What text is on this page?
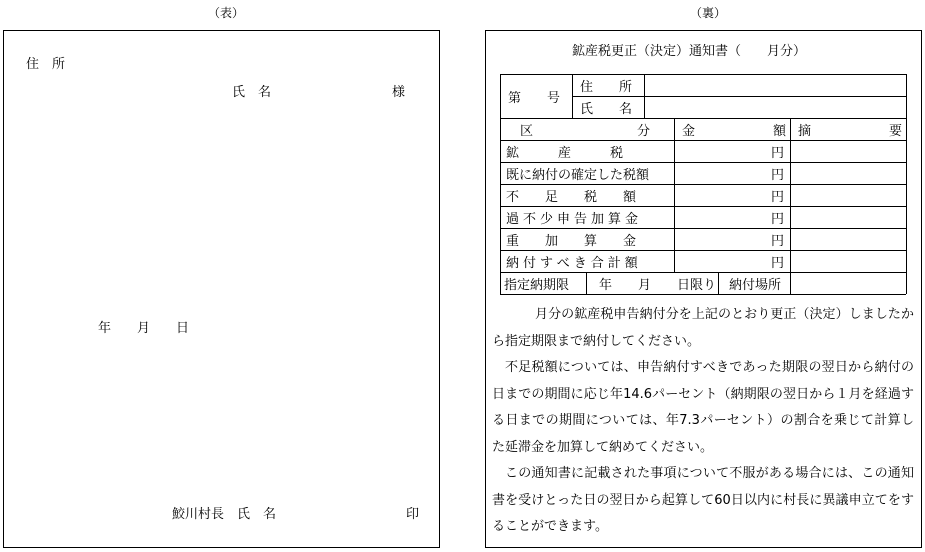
（表）	（裏）
住　所
氏　名	様
年　　月　　日
鮫川村長　氏　名	印
鉱産税更正（決定）通知書（　　月分）
第　　号
住　　所
氏　　名
区　　　　　　　　分 金　　　　　　額 摘　　　　　　要
鉱　　　産　　　税	円
既に納付の確定した税額	円
不　　足　　税　　額	円
過不少申告加算金	円
重　　加　　算　　金	円
納付すべき合計額	円
指定納期限 年　　月　　日限り 納付場所

月分の鉱産税申告納付分を上記のとおり更正（決定）しましたから指定期限まで納付してください。

不足税額については、申告納付すべきであった期限の翌日から納付の日までの期間に応じ年14.6パーセント（納期限の翌日から１月を経過する日までの期間については、年7.3パーセント）の割合を乗じて計算した延滞金を加算して納めてください。

この通知書に記載された事項について不服がある場合には、この通知書を受けとった日の翌日から起算して60日以内に村長に異議申立てをすることができます。
